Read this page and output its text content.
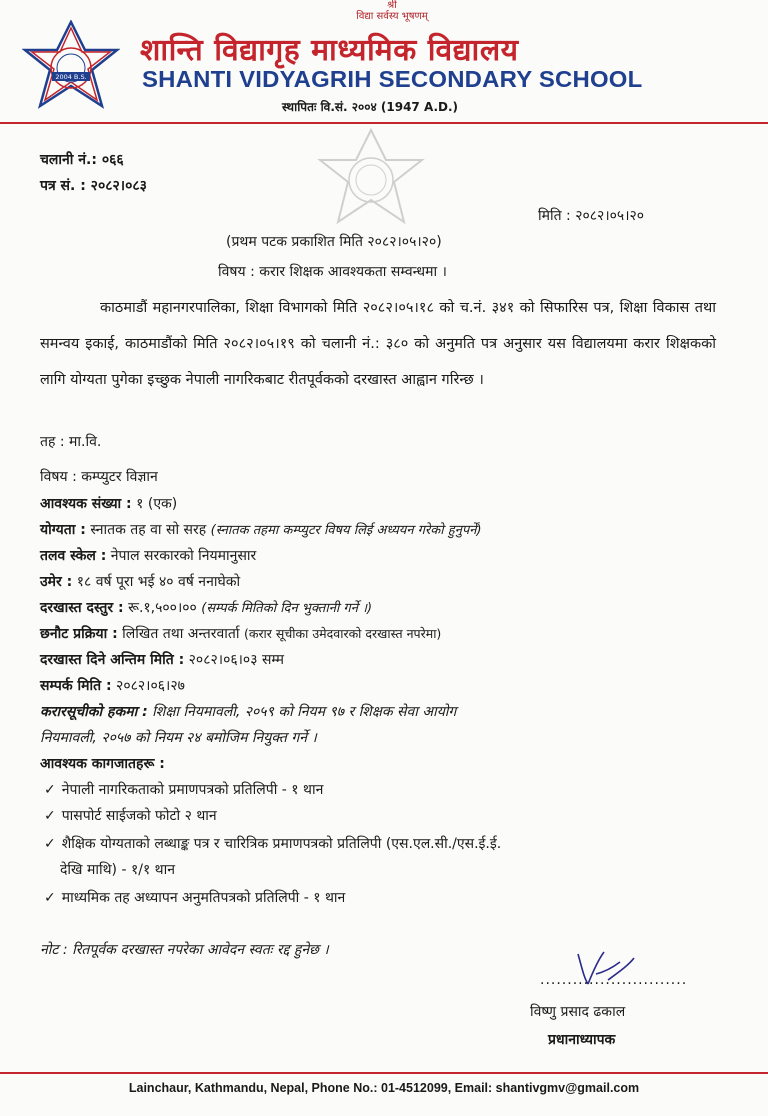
श्री
विद्या सर्वस्य भूषणम्
2004 B.S.
शान्ति विद्यागृह माध्यमिक विद्यालय
SHANTI VIDYAGRIH SECONDARY SCHOOL
स्थापितः वि.सं. २००४ (1947 A.D.)
चलानी नं.: ०६६
पत्र सं. : २०८२।०८३
मिति : २०८२।०५।२०
(प्रथम पटक प्रकाशित मिति २०८२।०५।२०)
विषय : करार शिक्षक आवश्यकता सम्वन्धमा ।
काठमाडौं महानगरपालिका, शिक्षा विभागको मिति २०८२।०५।१८ को च.नं. ३४१ को सिफारिस पत्र, शिक्षा विकास तथा समन्वय इकाई, काठमाडौंको मिति २०८२।०५।१९ को चलानी नं.: ३८० को अनुमति पत्र अनुसार यस विद्यालयमा करार शिक्षकको लागि योग्यता पुगेका इच्छुक नेपाली नागरिकबाट रीतपूर्वकको दरखास्त आह्वान गरिन्छ ।
तह : मा.वि.
विषय : कम्प्युटर विज्ञान
आवश्यक संख्या : १ (एक)
योग्यता : स्नातक तह वा सो सरह (स्नातक तहमा कम्प्युटर विषय लिई अध्ययन गरेको हुनुपर्ने)
तलव स्केल : नेपाल सरकारको नियमानुसार
उमेर : १८ वर्ष पूरा भई ४० वर्ष ननाघेको
दरखास्त दस्तुर : रू.१,५००।०० (सम्पर्क मितिको दिन भुक्तानी गर्ने ।)
छनौट प्रक्रिया : लिखित तथा अन्तरवार्ता (करार सूचीका उमेदवारको दरखास्त नपरेमा)
दरखास्त दिने अन्तिम मिति : २०८२।०६।०३ सम्म
सम्पर्क मिति : २०८२।०६।२७
करारसूचीको हकमा : शिक्षा नियमावली, २०५९ को नियम ९७ र शिक्षक सेवा आयोग
नियमावली, २०५७ को नियम २४ बमोजिम नियुक्त गर्ने ।
आवश्यक कागजातहरू :
✓ नेपाली नागरिकताको प्रमाणपत्रको प्रतिलिपी - १ थान
✓ पासपोर्ट साईजको फोटो २ थान
✓ शैक्षिक योग्यताको लब्धाङ्क पत्र र चारित्रिक प्रमाणपत्रको प्रतिलिपी (एस.एल.सी./एस.ई.ई.
देखि माथि) - १/१ थान
✓ माध्यमिक तह अध्यापन अनुमतिपत्रको प्रतिलिपी - १ थान
नोट : रितपूर्वक दरखास्त नपरेका आवेदन स्वतः रद्द हुनेछ ।
...........................
विष्णु प्रसाद ढकाल
प्रधानाध्यापक
Lainchaur, Kathmandu, Nepal, Phone No.: 01-4512099, Email: shantivgmv@gmail.com
